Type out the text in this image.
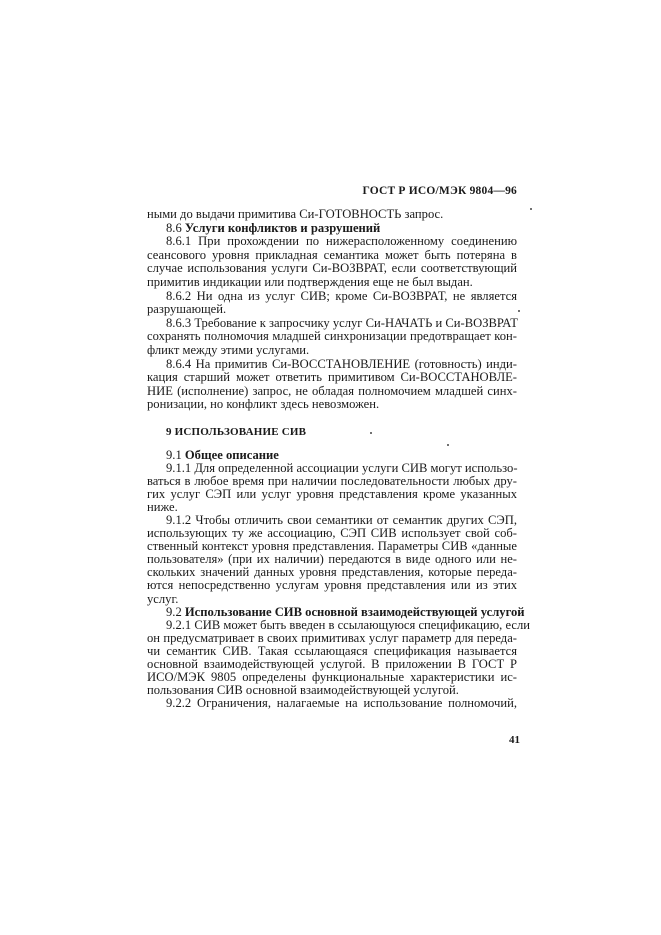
ГОСТ Р ИСО/МЭК 9804—96
ными до выдачи примитива Си-ГОТОВНОСТЬ запрос.
8.6 Услуги конфликтов и разрушений
8.6.1 При прохождении по нижерасположенному соединению
сеансового уровня прикладная семантика может быть потеряна в
случае использования услуги Си-ВОЗВРАТ, если соответствующий
примитив индикации или подтверждения еще не был выдан.
8.6.2 Ни одна из услуг СИВ; кроме Си-ВОЗВРАТ, не является
разрушающей.
8.6.3 Требование к запросчику услуг Си-НАЧАТЬ и Си-ВОЗВРАТ
сохранять полномочия младшей синхронизации предотвращает кон-
фликт между этими услугами.
8.6.4 На примитив Си-ВОССТАНОВЛЕНИЕ (готовность) инди-
кация старший может ответить примитивом Си-ВОССТАНОВЛЕ-
НИЕ (исполнение) запрос, не обладая полномочием младшей синх-
ронизации, но конфликт здесь невозможен.
9 ИСПОЛЬЗОВАНИЕ СИВ
9.1 Общее описание
9.1.1 Для определенной ассоциации услуги СИВ могут использо-
ваться в любое время при наличии последовательности любых дру-
гих услуг СЭП или услуг уровня представления кроме указанных
ниже.
9.1.2 Чтобы отличить свои семантики от семантик других СЭП,
использующих ту же ассоциацию, СЭП СИВ использует свой соб-
ственный контекст уровня представления. Параметры СИВ «данные
пользователя» (при их наличии) передаются в виде одного или не-
скольких значений данных уровня представления, которые переда-
ются непосредственно услугам уровня представления или из этих
услуг.
9.2 Использование СИВ основной взаимодействующей услугой
9.2.1 СИВ может быть введен в ссылающуюся спецификацию, если
он предусматривает в своих примитивах услуг параметр для переда-
чи семантик СИВ. Такая ссылающаяся спецификация называется
основной взаимодействующей услугой. В приложении В ГОСТ Р
ИСО/МЭК 9805 определены функциональные характеристики ис-
пользования СИВ основной взаимодействующей услугой.
9.2.2 Ограничения, налагаемые на использование полномочий,
41
